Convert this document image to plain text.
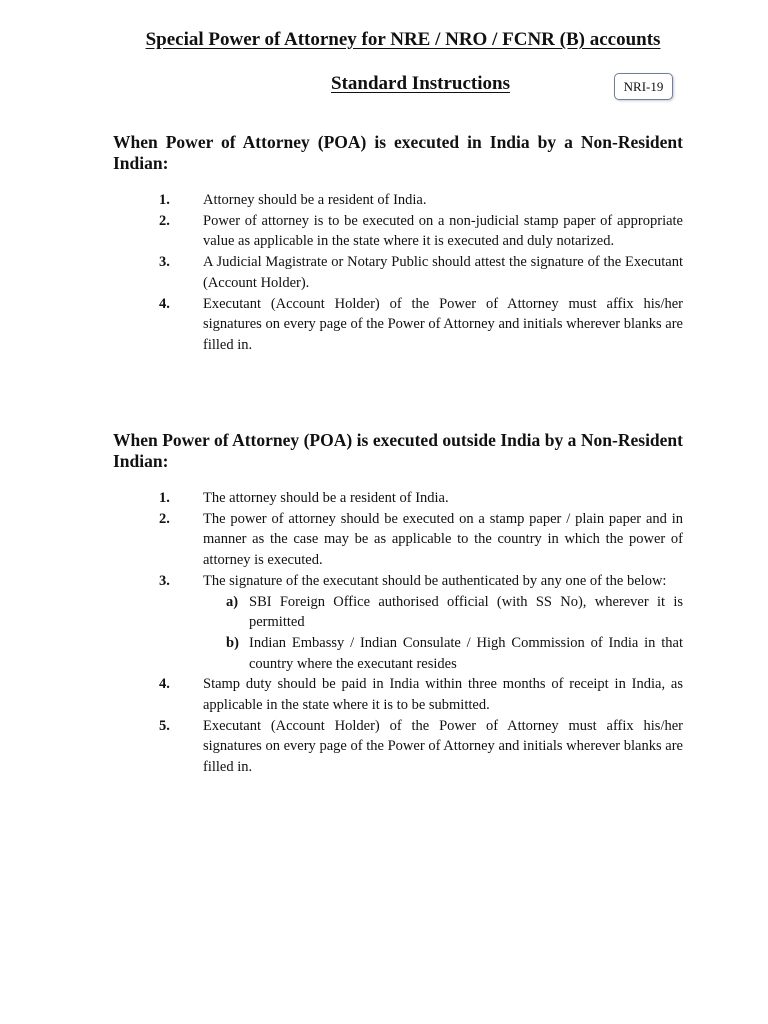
Special Power of Attorney for NRE / NRO / FCNR (B) accounts
Standard Instructions	NRI-19
When Power of Attorney (POA) is executed in India by a Non-Resident Indian:
1. Attorney should be a resident of India.
2. Power of attorney is to be executed on a non-judicial stamp paper of appropriate value as applicable in the state where it is executed and duly notarized.
3. A Judicial Magistrate or Notary Public should attest the signature of the Executant (Account Holder).
4. Executant (Account Holder) of the Power of Attorney must affix his/her signatures on every page of the Power of Attorney and initials wherever blanks are filled in.
When Power of Attorney (POA) is executed outside India by a Non-Resident Indian:
1. The attorney should be a resident of India.
2. The power of attorney should be executed on a stamp paper / plain paper and in manner as the case may be as applicable to the country in which the power of attorney is executed.
3. The signature of the executant should be authenticated by any one of the below:
a) SBI Foreign Office authorised official (with SS No), wherever it is permitted
b) Indian Embassy / Indian Consulate / High Commission of India in that country where the executant resides
4. Stamp duty should be paid in India within three months of receipt in India, as applicable in the state where it is to be submitted.
5. Executant (Account Holder) of the Power of Attorney must affix his/her signatures on every page of the Power of Attorney and initials wherever blanks are filled in.
